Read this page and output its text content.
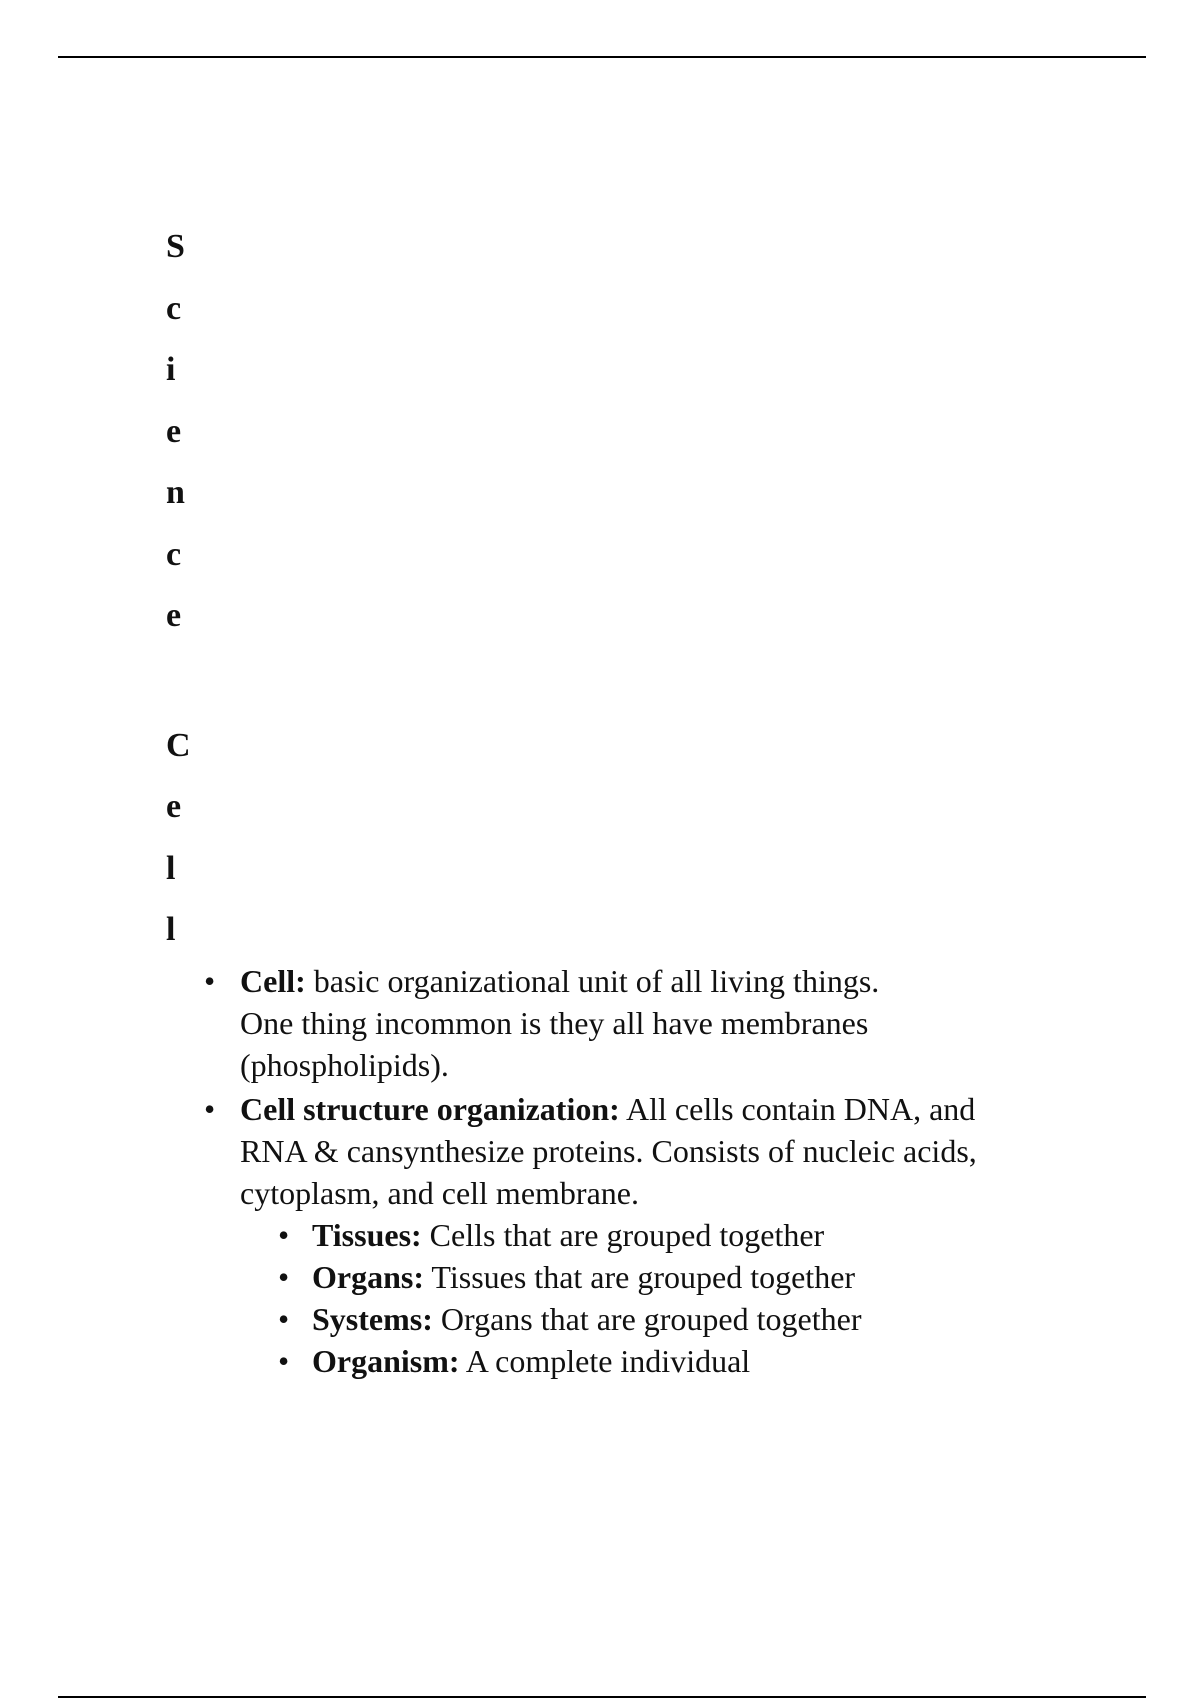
S
c
i
e
n
c
e
C
e
l
l
• Cell: basic organizational unit of all living things. One thing incommon is they all have membranes (phospholipids).
• Cell structure organization: All cells contain DNA, and RNA & cansynthesize proteins. Consists of nucleic acids, cytoplasm, and cell membrane.
• Tissues: Cells that are grouped together
• Organs: Tissues that are grouped together
• Systems: Organs that are grouped together
• Organism: A complete individual
